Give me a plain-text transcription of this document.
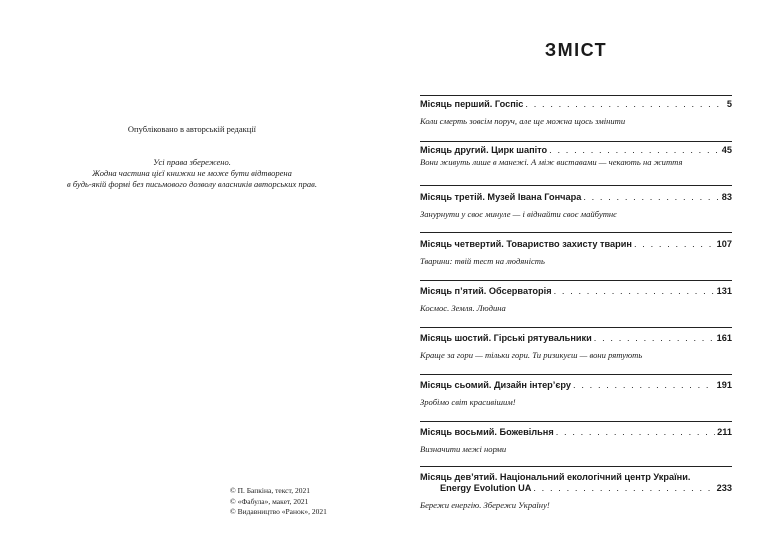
Опубліковано в авторській редакції
Усі права збережено.
Жодна частина цієї книжки не може бути відтворена
в будь-якій формі без письмового дозволу власників авторських прав.
© П. Бапкіна, текст, 2021
© «Фабула», макет, 2021
© Видавництво «Ранок», 2021
ЗМІСТ
Місяць перший. Госпіс . . .	5
Коли смерть зовсім поруч, але ще можна щось змінити
Місяць другий. Цирк шапіто . . .	45
Вони живуть лише в манежі. А між виставами — чекають на життя
Місяць третій. Музей Івана Гончара . . .	83
Занурнути у своє минуле — і віднайти своє майбутнє
Місяць четвертий. Товариство захисту тварин . . .	107
Тварини: твій тест на людяність
Місяць п’ятий. Обсерваторія . . .	131
Космос. Земля. Людина
Місяць шостий. Гірські рятувальники . . .	161
Краще за гори — тільки гори. Ти ризикуєш — вони рятують
Місяць сьомий. Дизайн інтер’єру . . .	191
Зробімо світ красивішим!
Місяць восьмий. Божевільня . . .	211
Визначити межі норми
Місяць дев’ятий. Національний екологічний центр України.
Energy Evolution UA . . .	233
Бережи енергію. Збережи Україну!
